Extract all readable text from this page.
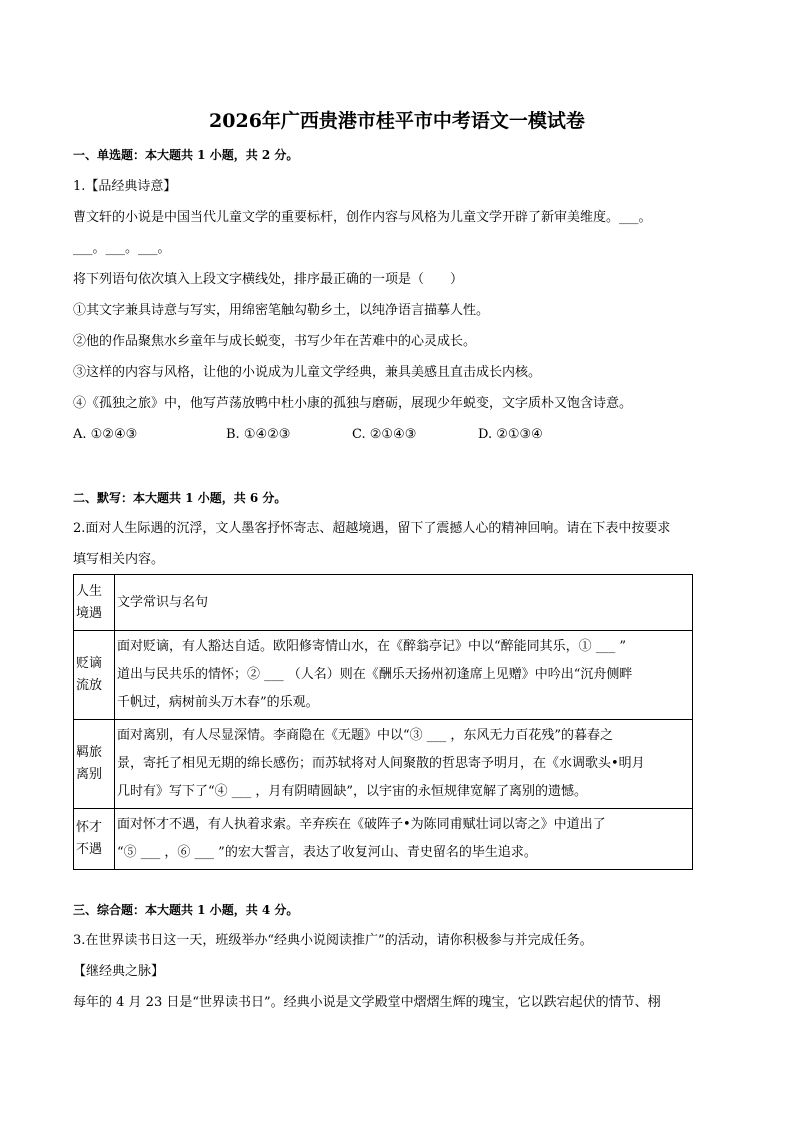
2026年广西贵港市桂平市中考语文一模试卷
一、单选题：本大题共 1 小题，共 2 分。
1.【品经典诗意】
曹文轩的小说是中国当代儿童文学的重要标杆，创作内容与风格为儿童文学开辟了新审美维度。___。
___。___。___。
将下列语句依次填入上段文字横线处，排序最正确的一项是（　　）
①其文字兼具诗意与写实，用绵密笔触勾勒乡土，以纯净语言描摹人性。
②他的作品聚焦水乡童年与成长蜕变，书写少年在苦难中的心灵成长。
③这样的内容与风格，让他的小说成为儿童文学经典，兼具美感且直击成长内核。
④《孤独之旅》中，他写芦荡放鸭中杜小康的孤独与磨砺，展现少年蜕变，文字质朴又饱含诗意。
A. ①②④③	B. ①④②③	C. ②①④③	D. ②①③④
二、默写：本大题共 1 小题，共 6 分。
2.面对人生际遇的沉浮，文人墨客抒怀寄志、超越境遇，留下了震撼人心的精神回响。请在下表中按要求
填写相关内容。
人生境遇	文学常识与名句

贬谪
流放	面对贬谪，有人豁达自适。欧阳修寄情山水，在《醉翁亭记》中以“醉能同其乐，① ___ ”
道出与民共乐的情怀；② ___ （人名）则在《酬乐天扬州初逢席上见赠》中吟出“沉舟侧畔
千帆过，病树前头万木春”的乐观。

羁旅
离别	面对离别，有人尽显深情。李商隐在《无题》中以“③ ___ ，东风无力百花残”的暮春之
景，寄托了相见无期的绵长感伤；而苏轼将对人间聚散的哲思寄予明月，在《水调歌头•明月
几时有》写下了“④ ___ ，月有阴晴圆缺”，以宇宙的永恒规律宽解了离别的遗憾。

怀才
不遇	面对怀才不遇，有人执着求索。辛弃疾在《破阵子•为陈同甫赋壮词以寄之》中道出了
“⑤ ___ ，⑥ ___ ”的宏大誓言，表达了收复河山、青史留名的毕生追求。
三、综合题：本大题共 1 小题，共 4 分。
3.在世界读书日这一天，班级举办“经典小说阅读推广”的活动，请你积极参与并完成任务。
【继经典之脉】
每年的 4 月 23 日是“世界读书日”。经典小说是文学殿堂中熠熠生辉的瑰宝，它以跌宕起伏的情节、栩
